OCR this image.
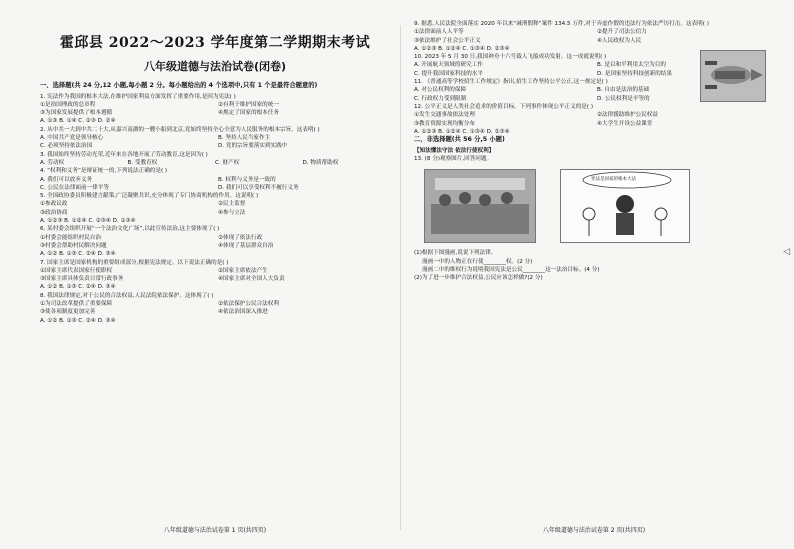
霍邱县 2022～2023 学年度第二学期期末考试
八年级道德与法治试卷(闭卷)
一、选择题(共 24 分,12 小题,每小题 2 分。每小题给出的 4 个选项中,只有 1 个是最符合题意的)
1. 宪法作为我国的根本大法,在维护国家利益方面发挥了重要作用,是因为宪法( )
①是治国理政的总章程	②有利于维护国家的统一
③为国家发展提供了根本遵循	④规定了国家的根本任务
A. ①③ B. ①④ C. ②③ D. ②④
2. 从中共一大到中共二十大,从嘉兴南湖的一艘小船到北京,党始终坚持全心全意为人民服务的根本宗旨。这表明( )
A. 中国共产党是领导核心	B. 坚持人民当家作主
C. 必须坚持依法治国	D. 党的宗旨要落实到实践中
3. 我国始终坚持劳动光荣,近年来在各地开展了劳动教育,这是因为( )
A. 劳动权	B. 受教育权	C. 财产权	D. 物质帮助权
4. “权利和义务”是辩证统一的,下列说法正确的是( )
A. 我们可以放弃义务	B. 权利与义务是一致的
C. 公民在法律面前一律平等	D. 我们可以享受权利不履行义务
5. 全国政协委员积极建言献策,广泛凝聚共识,充分体现了专门协商机构的作用。这说明( )
①参政议政	②民主监督
③政治协商	④参与立法
A. ①②③ B. ①②④ C. ②③④ D. ①③④
6. 某村委会组织开展“一个法治文化广场”,以此宣传法治,这主要体现了( )
①村委会能组织村民自治	②体现了依法行政
③村委会帮助村民解决问题	④体现了基层群众自治
A. ①② B. ①③ C. ②④ D. ③④
7. 国家主席是国家机构的重要组成部分,根据宪法规定。以下说法正确的是( )
①国家主席代表国家行使职权	②国家主席依法产生
③国家主席具体负责日常行政事务	④国家主席对全国人大负责
A. ①② B. ①③ C. ②④ D. ③④
8. 我国法律规定,对于公民的合法权益,人民法院依法保护。这体现了( )
①为司法改革提供了重要保障	②依法保护公民合法权利
③使各项制度更加完善	④依法治国深入推进
A. ①② B. ①③ C. ②④ D. ③④
八年级道德与法治试卷第 1 页(共四页)
9. 据悉,人民法院全面落实 2020 年以来“减刑假释”案件 134.5 万件,对于弄虚作假的违法行为依法严厉打击。这表明( )
①法律面前人人平等	②提升了司法公信力
③依法维护了社会公平正义	④人民政权为人民
A. ①②③ B. ①②④ C. ①③④ D. ②③④
10. 2023 年 5 月 30 日,我国神舟十六号载人飞船成功发射。这一成就说明( )
A. 开展航天领域的研究工作	B. 是以和平利用太空为目的
C. 提升我国国家科技的水平	D. 是国家坚持科技创新的结果
11. 《普通高等学校招生工作规定》指出,招生工作坚持公平公正,这一规定是( )
A. 对公民权利的保障	B. 自由是法治的基础
C. 行政权力受到限制	D. 公民权利是平等的
12. 公平正义是人类社会追求的价值目标。下列事件体现公平正义的是( )
①发生交通事故依法处理	②法律援助维护公民权益
③教育资源实现均衡分布	④大学生开设公益课堂
A. ①②③ B. ①②④ C. ①③④ D. ②③④
二、非选择题(共 56 分,5 小题)
【知法懂法守法 依法行使权利】
13. (8 分)观察图片,回答问题。
宪法是国家的根本大法
(1)根据下图漫画,说说下列法律。
漫画一中的人物正在行使________权。(2 分)
漫画二中的维权行为说明我国宪法是公民________这一法治目标。(4 分)
(2)为了进一步维护合法权益,公民应该怎样做?(2 分)
八年级道德与法治试卷第 2 页(共四页)
◁
